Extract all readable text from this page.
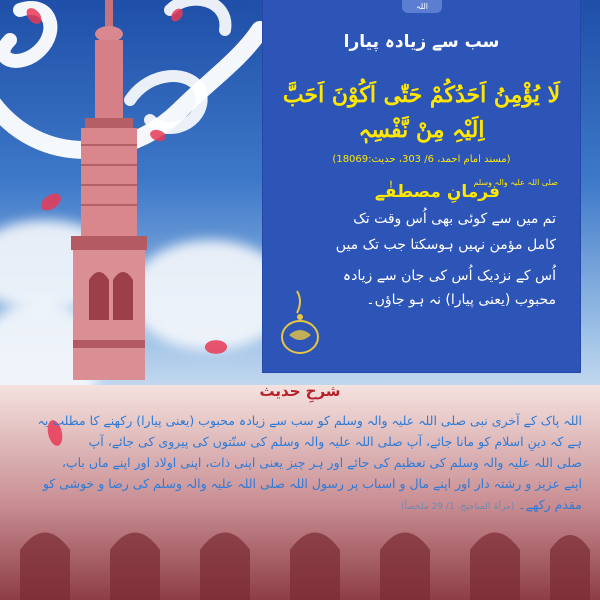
اللہ
سب سے زیادہ پیارا
لَا یُؤْمِنُ اَحَدُکُمْ حَتّٰی اَکُوْنَ اَحَبَّ
اِلَیْہِ مِنْ نَّفْسِہٖ
(مسند امام احمد، 6/ 303، حدیث:18069)
فرمانِ مصطفٰے
صلی اللہ علیہ والہ وسلم
تم میں سے کوئی بھی اُس وقت تک
کامل مؤمن نہیں ہوسکتا جب تک میں
اُس کے نزدیک اُس کی جان سے زیادہ
محبوب (یعنی پیارا) نہ ہو جاؤں۔
شرحِ حدیث
اللہ پاک کے آخری نبی صلی اللہ علیہ والہ وسلم کو سب سے زیادہ محبوب (یعنی پیارا) رکھنے کا مطلب یہ
ہے کہ دینِ اسلام کو مانا جائے، آپ صلی اللہ علیہ والہ وسلم کی سنّتوں کی پیروی کی جائے، آپ
صلی اللہ علیہ والہ وسلم کی تعظیم کی جائے اور ہر چیز یعنی اپنی ذات، اپنی اولاد اور اپنے ماں باپ،
اپنے عزیز و رشتہ دار اور اپنے مال و اسباب پر رسول اللہ صلی اللہ علیہ والہ وسلم کی رضا و خوشی کو
مقدم رکھے۔ (مرآۃ المناجیح، 1/ 29 ملخصاً)
